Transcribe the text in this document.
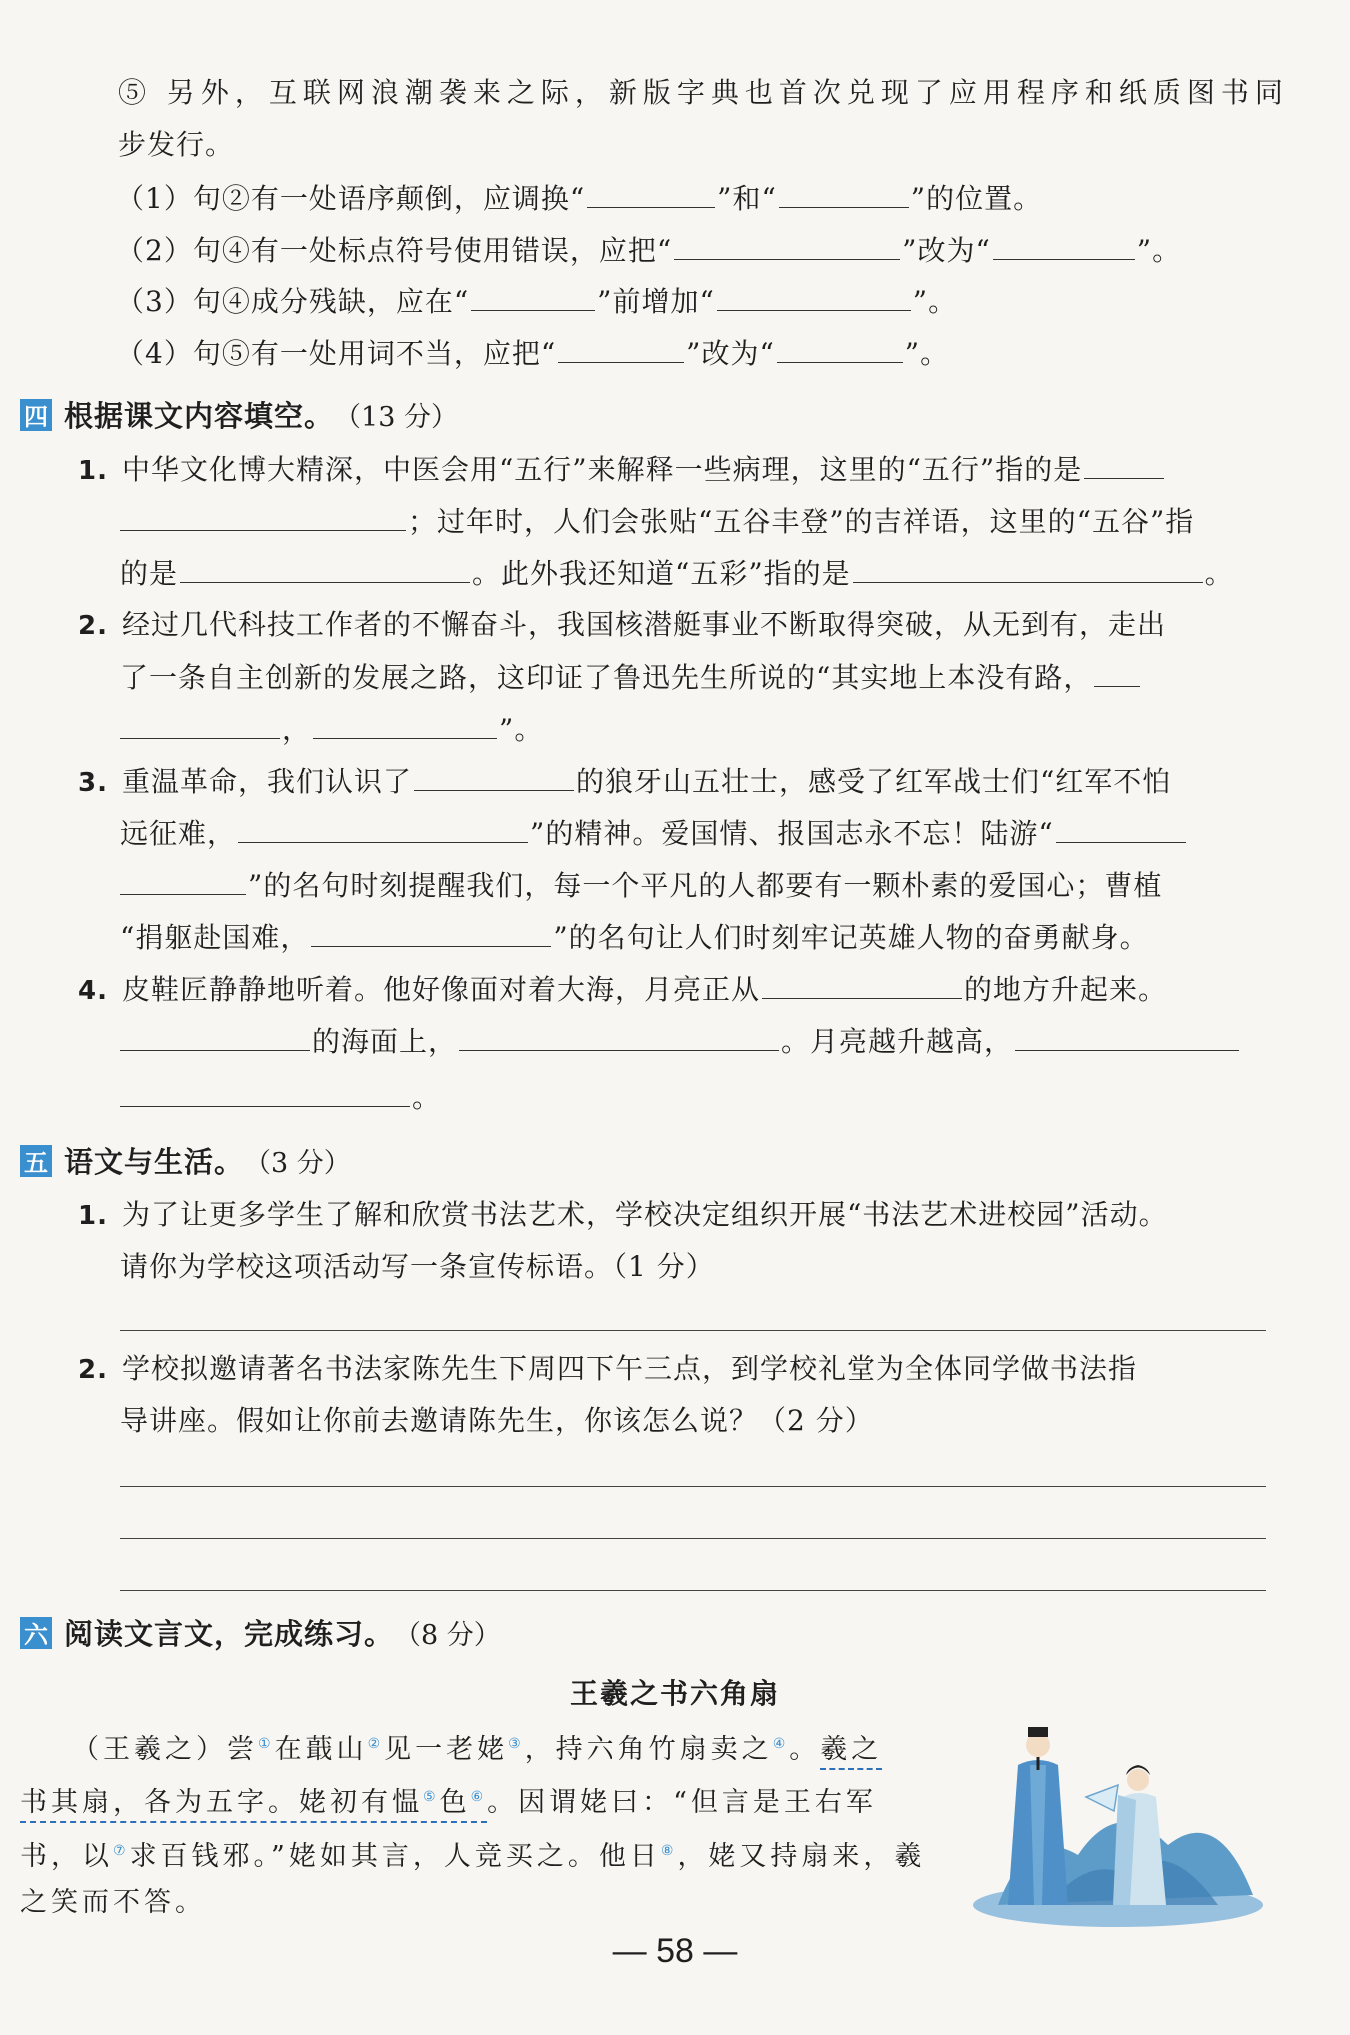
⑤ 另外，互联网浪潮袭来之际，新版字典也首次兑现了应用程序和纸质图书同
步发行。
（1）句②有一处语序颠倒，应调换“	”和“	”的位置。
（2）句④有一处标点符号使用错误，应把“	”改为“	”。
（3）句④成分残缺，应在“	”前增加“	”。
（4）句⑤有一处用词不当，应把“	”改为“	”。
四 根据课文内容填空。 （13 分）
1. 中华文化博大精深，中医会用“五行”来解释一些病理，这里的“五行”指的是
；过年时，人们会张贴“五谷丰登”的吉祥语，这里的“五谷”指
的是	。此外我还知道“五彩”指的是	。
2. 经过几代科技工作者的不懈奋斗，我国核潜艇事业不断取得突破，从无到有，走出
了一条自主创新的发展之路，这印证了鲁迅先生所说的“其实地上本没有路，
，	”。
3. 重温革命，我们认识了	的狼牙山五壮士，感受了红军战士们“红军不怕
远征难，	”的精神。爱国情、报国志永不忘！陆游“
”的名句时刻提醒我们，每一个平凡的人都要有一颗朴素的爱国心；曹植
“捐躯赴国难，	”的名句让人们时刻牢记英雄人物的奋勇献身。
4. 皮鞋匠静静地听着。他好像面对着大海，月亮正从	的地方升起来。
的海面上，	。月亮越升越高，
。
五 语文与生活。 （3 分）
1. 为了让更多学生了解和欣赏书法艺术，学校决定组织开展“书法艺术进校园”活动。
请你为学校这项活动写一条宣传标语。（1 分）
2. 学校拟邀请著名书法家陈先生下周四下午三点，到学校礼堂为全体同学做书法指
导讲座。假如让你前去邀请陈先生，你该怎么说？（2 分）
六 阅读文言文，完成练习。 （8 分）
王羲之书六角扇
（王羲之）尝①在蕺山②见一老姥③，持六角竹扇卖之④。羲之
书其扇，各为五字。姥初有愠⑤色⑥。因谓姥曰：“但言是王右军
书，以⑦求百钱邪。”姥如其言，人竞买之。他日⑧，姥又持扇来，羲
之笑而不答。
— 58 —
